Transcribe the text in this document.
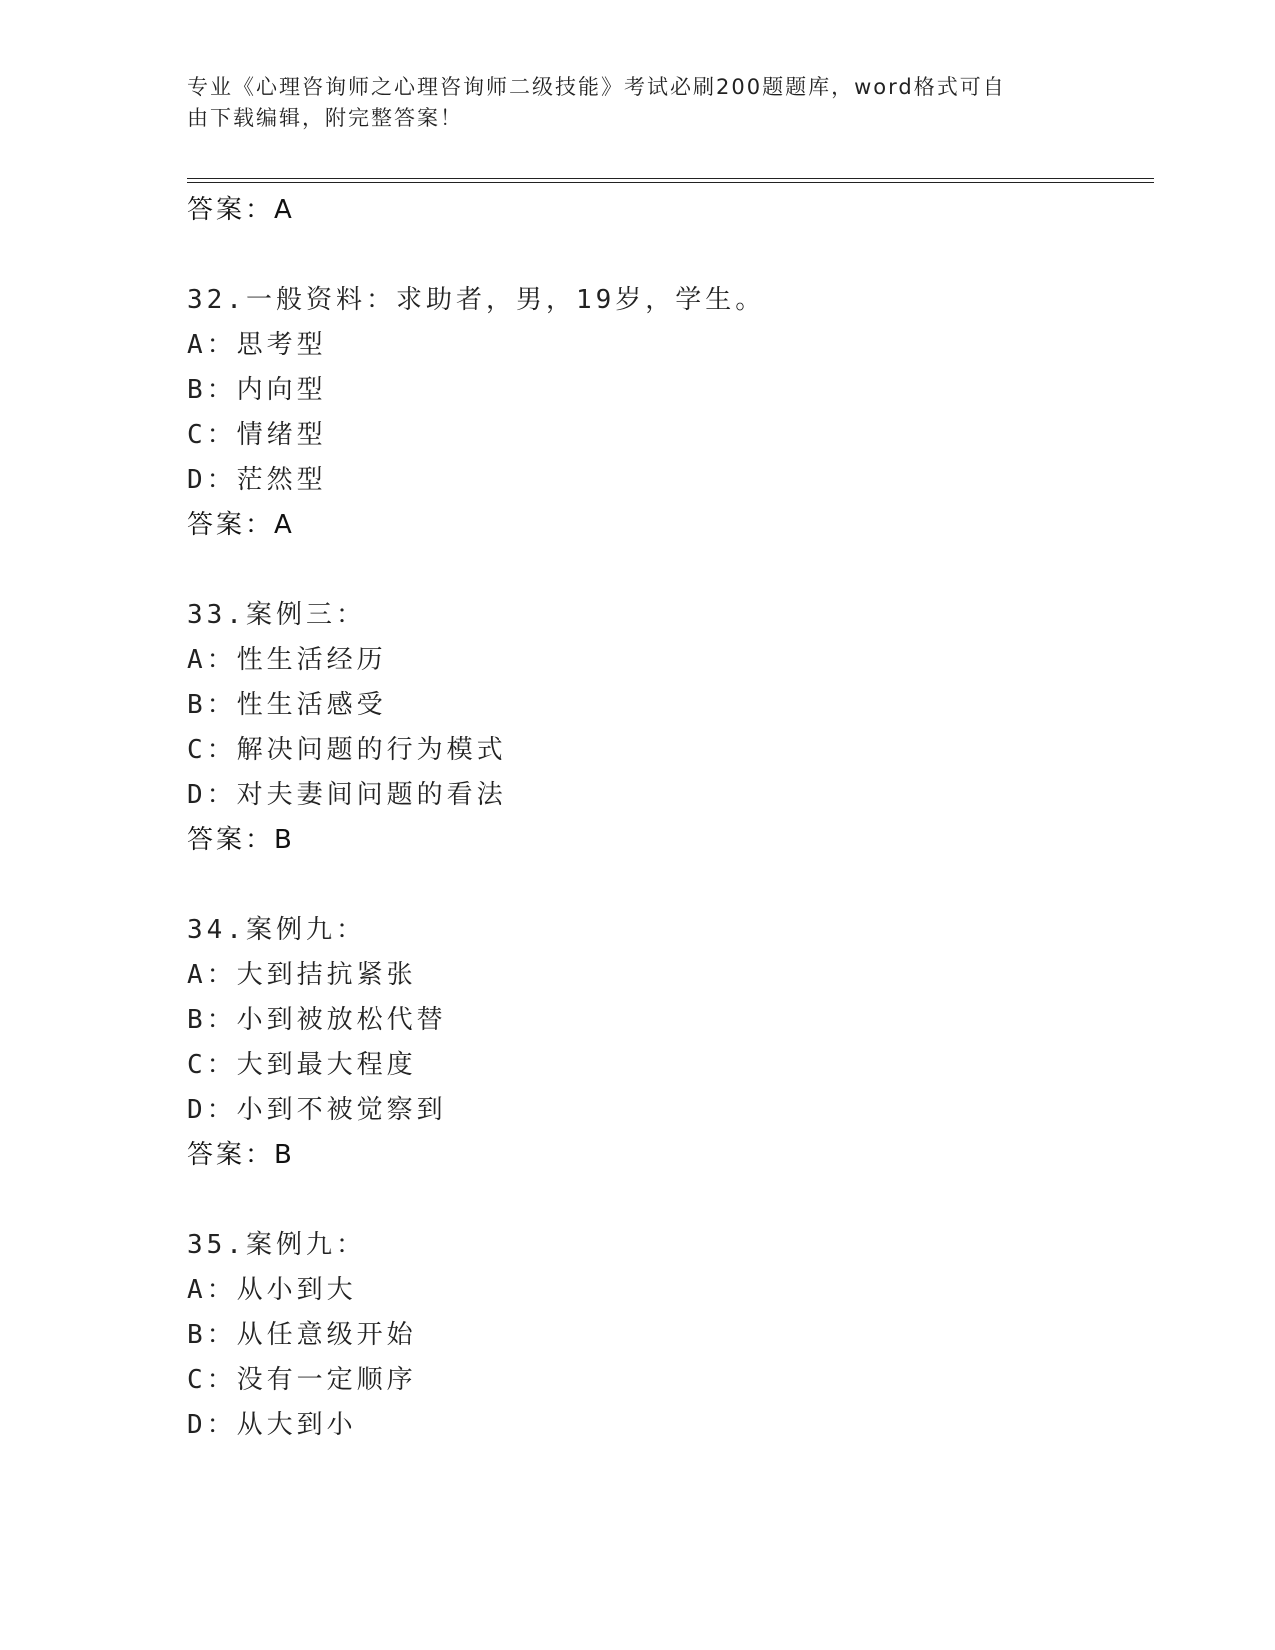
专业《心理咨询师之心理咨询师二级技能》考试必刷200题题库，word格式可自
由下载编辑，附完整答案！
答案：A
32.一般资料：求助者，男，19岁，学生。
A：思考型
B：内向型
C：情绪型
D：茫然型
答案：A
33.案例三：
A：性生活经历
B：性生活感受
C：解决问题的行为模式
D：对夫妻间问题的看法
答案：B
34.案例九：
A：大到拮抗紧张
B：小到被放松代替
C：大到最大程度
D：小到不被觉察到
答案：B
35.案例九：
A：从小到大
B：从任意级开始
C：没有一定顺序
D：从大到小
